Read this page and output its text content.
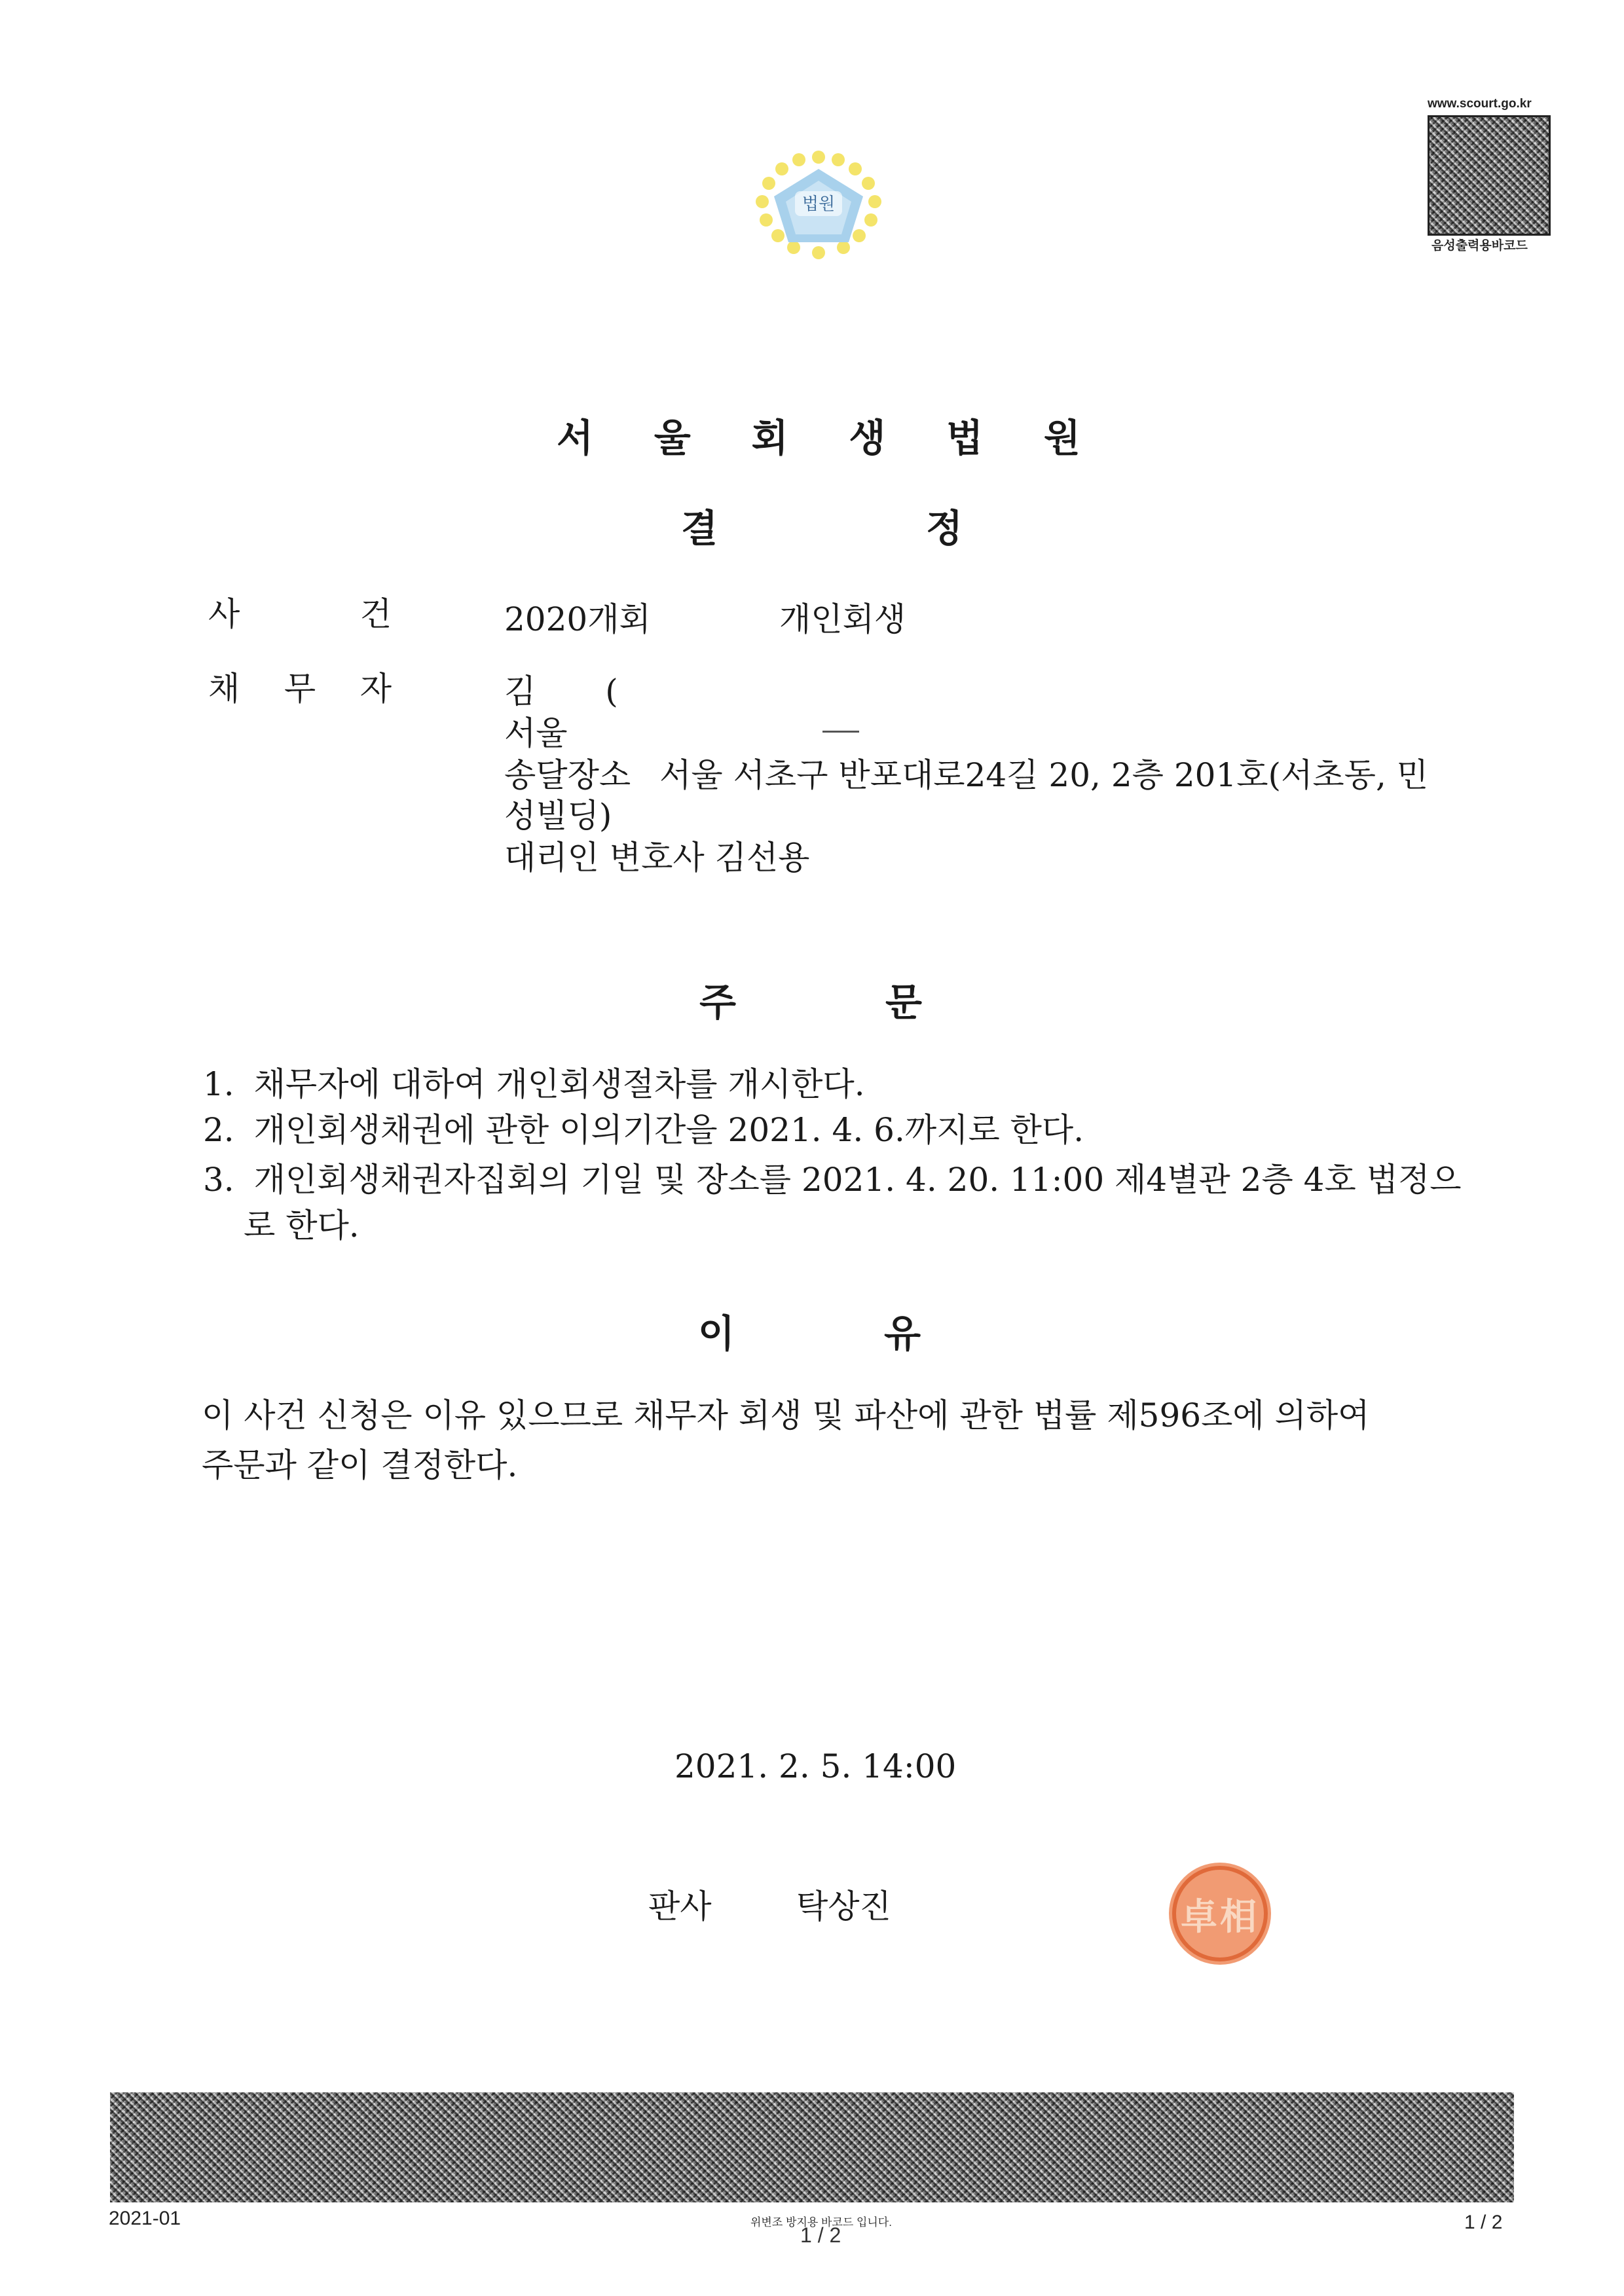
법원
www.scourt.go.kr
음성출력용바코드
서 울 회 생 법 원
결	정
사	건	2020개회	개인회생
채 무 자	김 (
서울
송달장소 서울 서초구 반포대로24길 20, 2층 201호(서초동, 민
성빌딩)
대리인 변호사 김선용
주	문
1. 채무자에 대하여 개인회생절차를 개시한다.
2. 개인회생채권에 관한 이의기간을 2021. 4. 6.까지로 한다.
3. 개인회생채권자집회의 기일 및 장소를 2021. 4. 20. 11:00 제4별관 2층 4호 법정으
로 한다.
이	유
이 사건 신청은 이유 있으므로 채무자 회생 및 파산에 관한 법률 제596조에 의하여
주문과 같이 결정한다.
2021. 2. 5. 14:00
판사	탁상진	卓相
2021-01	위변조 방지용 바코드 입니다.
1 / 2
1 / 2
